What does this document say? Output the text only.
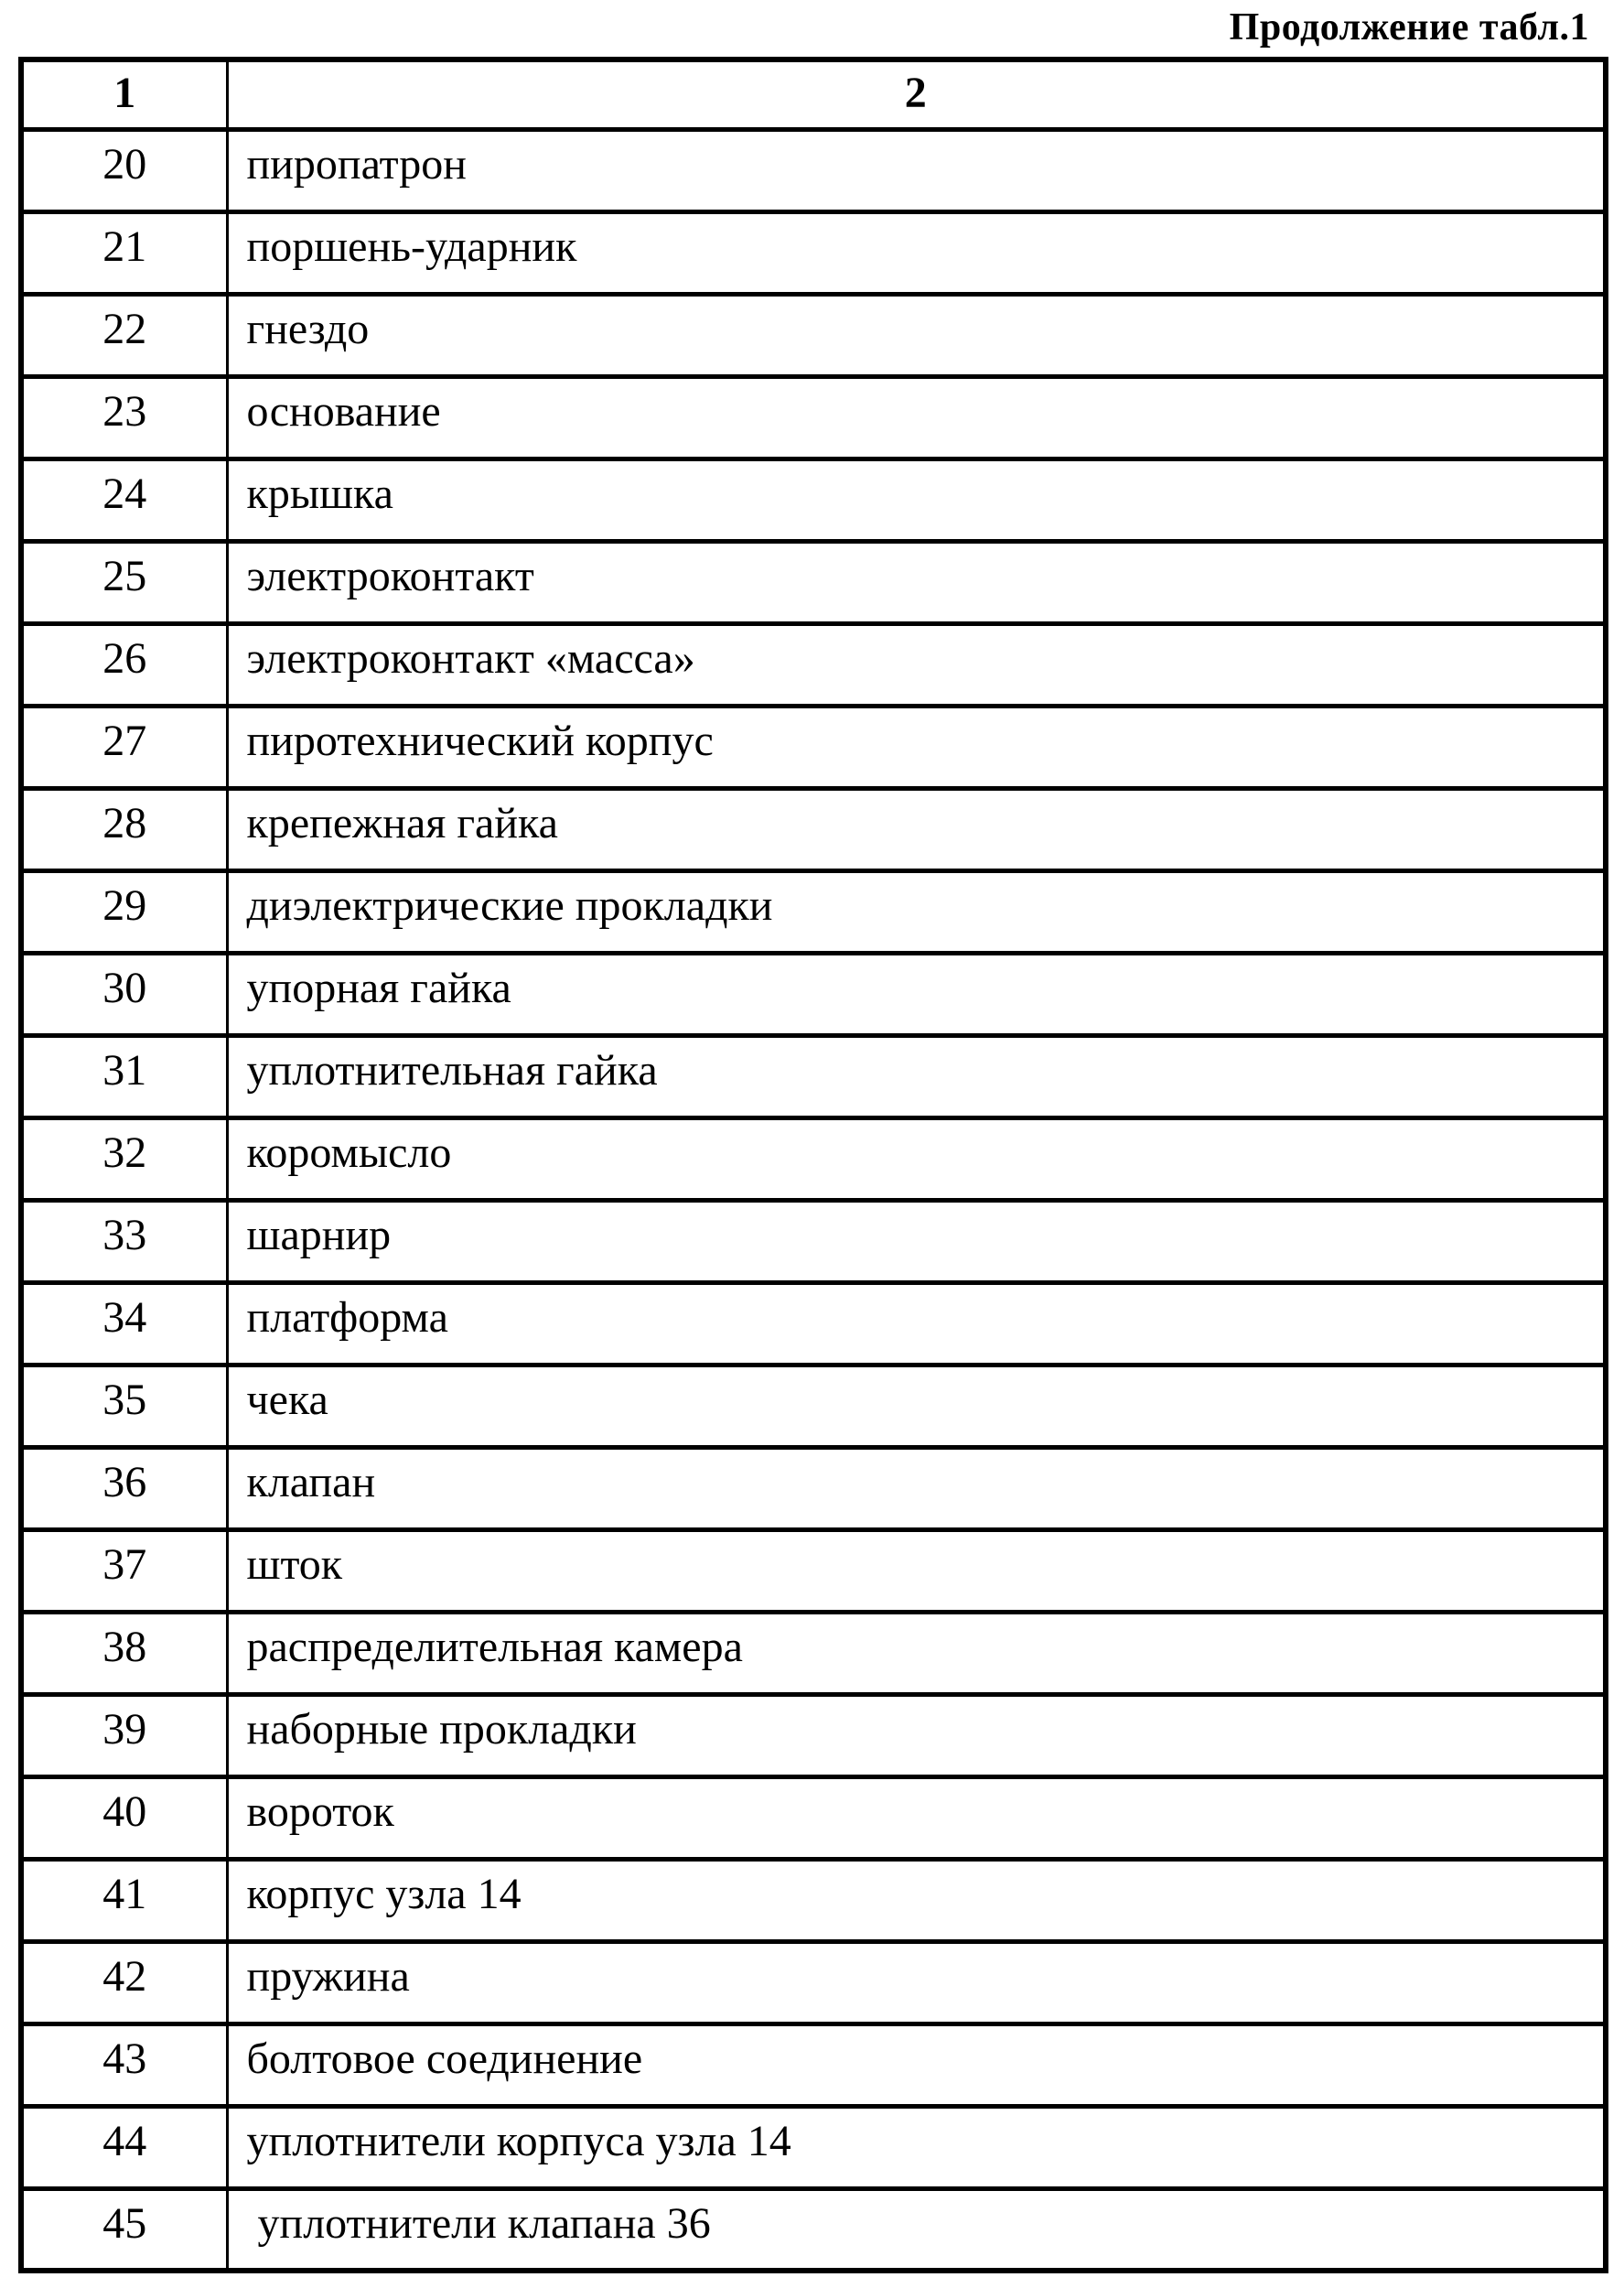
Продолжение табл.1
1	2
20	пиропатрон
21	поршень-ударник
22	гнездо
23	основание
24	крышка
25	электроконтакт
26	электроконтакт «масса»
27	пиротехнический корпус
28	крепежная гайка
29	диэлектрические прокладки
30	упорная гайка
31	уплотнительная гайка
32	коромысло
33	шарнир
34	платформа
35	чека
36	клапан
37	шток
38	распределительная камера
39	наборные прокладки
40	вороток
41	корпус узла 14
42	пружина
43	болтовое соединение
44	уплотнители корпуса узла 14
45	уплотнители клапана 36
